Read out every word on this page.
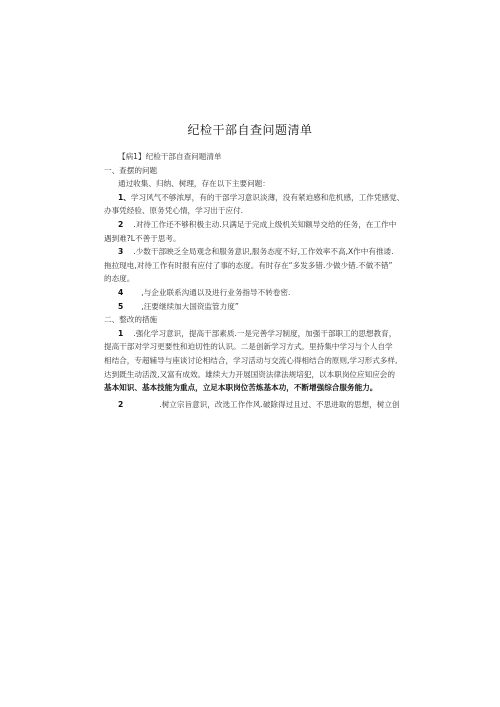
纪检干部自查问题清单

【病1】纪检干部自查问题清单

一、查摆的问题

通过收集、归纳、树理，存在以下主要问题：

1、学习风气不够浓厚，有的干部学习意识淡薄，没有紧迫感和危机感，工作凭感觉、

办事凭经验、原务凭心情，学习出于应付.

2 .对待工作还不够积极主动.只满足于完成上级机关知额导交给的任务，在工作中

遇到难?L不善于思考。

3 .少数干部映乏全局观念和服务意识,服务态度不好,工作效率不高,X作中有推诿.

拖拉现电,对待工作有时报有应付了事的态度。有时存在“多发多错.少做少错.不做不错”

的态度。

4 ,与企业联系沟通以及进行业务指导不转卷密.

5 ,汪要继续加大国资监管力度”

二、整改的措施

1 .强化学习意识，提高干部素质.一是完善学习制度，加强干部职工的思想教育，

提高干部对学习更要性和迫切性的认识。二是创新学习方式。里持集中学习与个人自学

相结合，专超辅导与座谈讨论相结合，学习活动与交流心得相结合的原则,学习形式多样,

达到既生动活泼,又富有成效。雄续大力开展国资法律法规培犯，以本职岗位应知应会的

基本知识、基本技能为重点，立足本职岗位苦炼基本功，不断增强综合服务能力。

2	.树立宗旨意识，改选工作作风.破除得过且过、不思进取的思想，树立创
